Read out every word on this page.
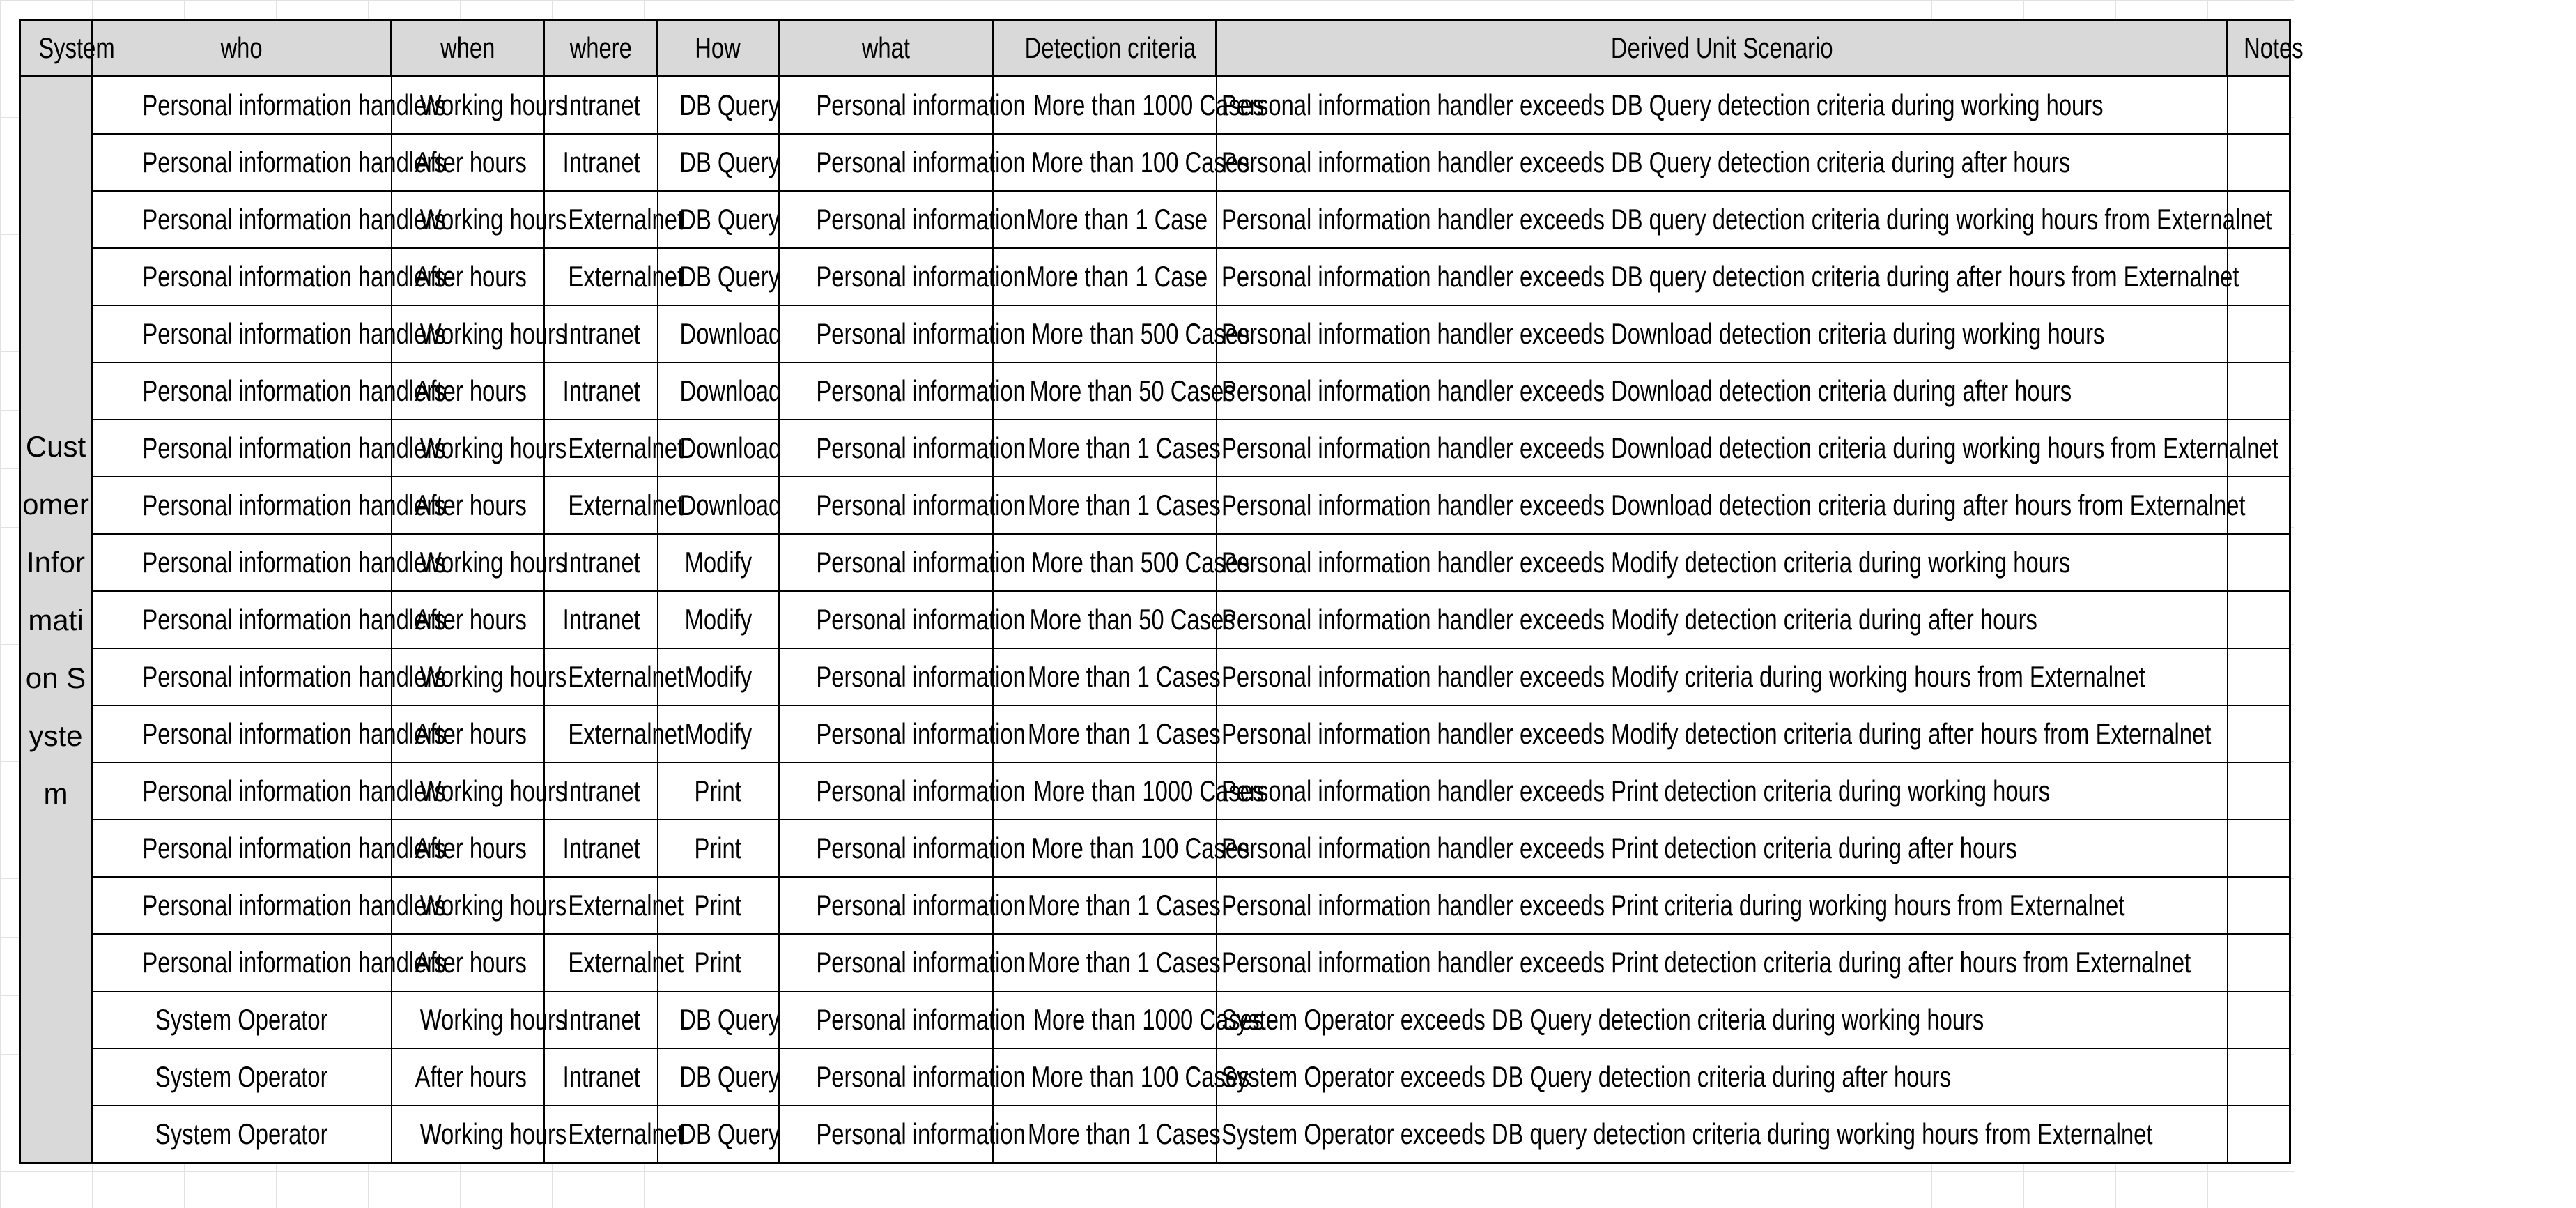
System	who	when	where	How	what	Detection criteria	Derived Unit Scenario	Notes
Customer Information System	Personal information handlers	Working hours	Intranet	DB Query	Personal information	More than 1000 Cases	Personal information handler exceeds DB Query detection criteria during working hours	
	Personal information handlers	After hours	Intranet	DB Query	Personal information	More than 100 Cases	Personal information handler exceeds DB Query detection criteria during after hours	
	Personal information handlers	Working hours	Externalnet	DB Query	Personal information	More than 1 Case	Personal information handler exceeds DB query detection criteria during working hours from Externalnet	
	Personal information handlers	After hours	Externalnet	DB Query	Personal information	More than 1 Case	Personal information handler exceeds DB query detection criteria during after hours from Externalnet	
	Personal information handlers	Working hours	Intranet	Download	Personal information	More than 500 Cases	Personal information handler exceeds Download detection criteria during working hours	
	Personal information handlers	After hours	Intranet	Download	Personal information	More than 50 Cases	Personal information handler exceeds Download detection criteria during after hours	
	Personal information handlers	Working hours	Externalnet	Download	Personal information	More than 1 Cases	Personal information handler exceeds Download detection criteria during working hours from Externalnet	
	Personal information handlers	After hours	Externalnet	Download	Personal information	More than 1 Cases	Personal information handler exceeds Download detection criteria during after hours from Externalnet	
	Personal information handlers	Working hours	Intranet	Modify	Personal information	More than 500 Cases	Personal information handler exceeds Modify detection criteria during working hours	
	Personal information handlers	After hours	Intranet	Modify	Personal information	More than 50 Cases	Personal information handler exceeds Modify detection criteria during after hours	
	Personal information handlers	Working hours	Externalnet	Modify	Personal information	More than 1 Cases	Personal information handler exceeds Modify criteria during working hours from Externalnet	
	Personal information handlers	After hours	Externalnet	Modify	Personal information	More than 1 Cases	Personal information handler exceeds Modify detection criteria during after hours from Externalnet	
	Personal information handlers	Working hours	Intranet	Print	Personal information	More than 1000 Cases	Personal information handler exceeds Print detection criteria during working hours	
	Personal information handlers	After hours	Intranet	Print	Personal information	More than 100 Cases	Personal information handler exceeds Print detection criteria during after hours	
	Personal information handlers	Working hours	Externalnet	Print	Personal information	More than 1 Cases	Personal information handler exceeds Print criteria during working hours from Externalnet	
	Personal information handlers	After hours	Externalnet	Print	Personal information	More than 1 Cases	Personal information handler exceeds Print detection criteria during after hours from Externalnet	
	System Operator	Working hours	Intranet	DB Query	Personal information	More than 1000 Cases	System Operator exceeds DB Query detection criteria during working hours	
	System Operator	After hours	Intranet	DB Query	Personal information	More than 100 Cases	System Operator exceeds DB Query detection criteria during after hours	
	System Operator	Working hours	Externalnet	DB Query	Personal information	More than 1 Cases	System Operator exceeds DB query detection criteria during working hours from Externalnet	
